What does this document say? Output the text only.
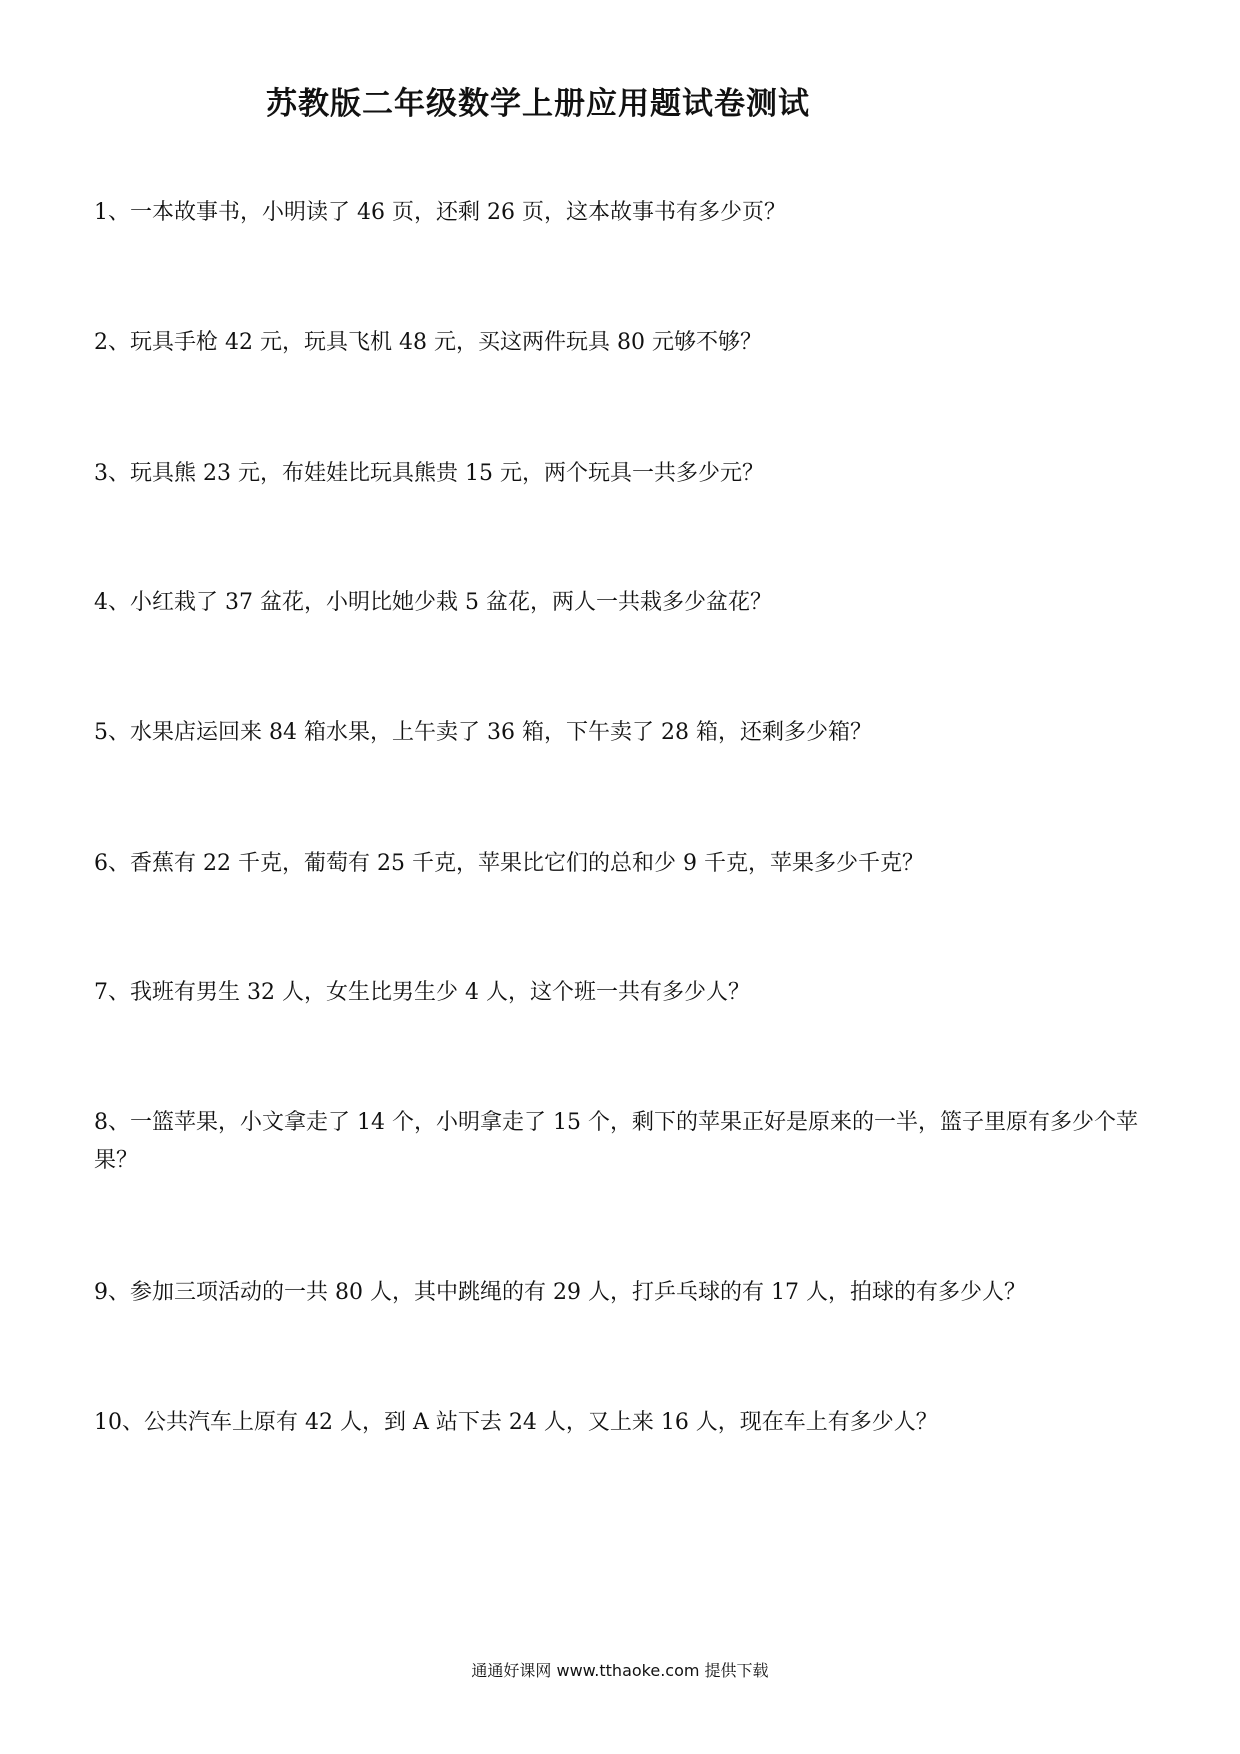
苏教版二年级数学上册应用题试卷测试
1、一本故事书，小明读了 46 页，还剩 26 页，这本故事书有多少页？
2、玩具手枪 42 元，玩具飞机 48 元，买这两件玩具 80 元够不够？
3、玩具熊 23 元，布娃娃比玩具熊贵 15 元，两个玩具一共多少元？
4、小红栽了 37 盆花，小明比她少栽 5 盆花，两人一共栽多少盆花？
5、水果店运回来 84 箱水果，上午卖了 36 箱，下午卖了 28 箱，还剩多少箱？
6、香蕉有 22 千克，葡萄有 25 千克，苹果比它们的总和少 9 千克，苹果多少千克？
7、我班有男生 32 人，女生比男生少 4 人，这个班一共有多少人？
8、一篮苹果，小文拿走了 14 个，小明拿走了 15 个，剩下的苹果正好是原来的一半，篮子里原有多少个苹果？
9、参加三项活动的一共 80 人，其中跳绳的有 29 人，打乒乓球的有 17 人，拍球的有多少人？
10、公共汽车上原有 42 人，到 A 站下去 24 人，又上来 16 人，现在车上有多少人？
通通好课网 www.tthaoke.com 提供下载
